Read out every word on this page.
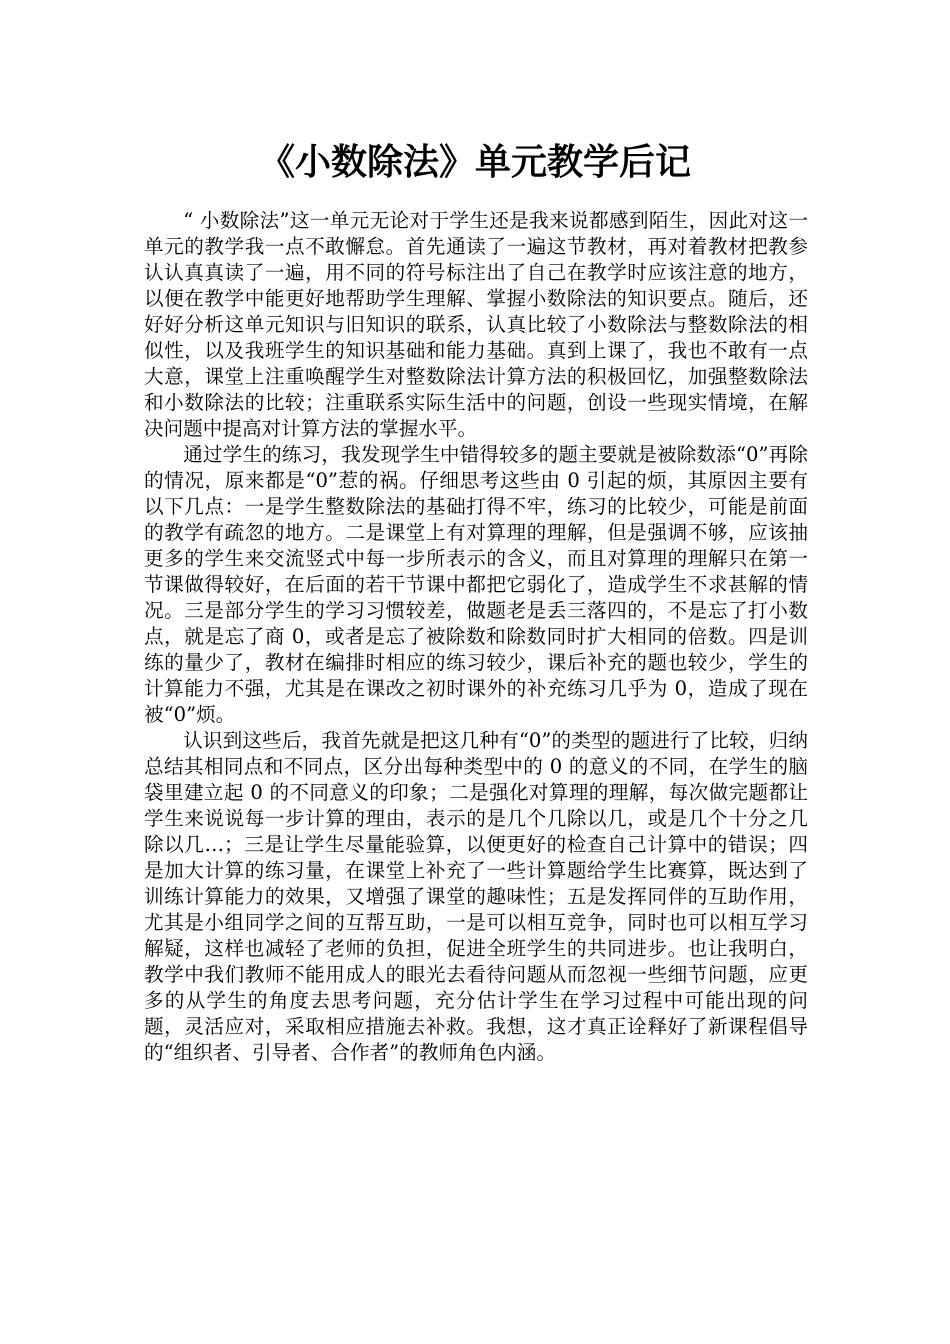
《小数除法》单元教学后记

“ 小数除法”这一单元无论对于学生还是我来说都感到陌生，因此对这一单元的教学我一点不敢懈怠。首先通读了一遍这节教材，再对着教材把教参认认真真读了一遍，用不同的符号标注出了自己在教学时应该注意的地方，以便在教学中能更好地帮助学生理解、掌握小数除法的知识要点。随后，还好好分析这单元知识与旧知识的联系，认真比较了小数除法与整数除法的相似性，以及我班学生的知识基础和能力基础。真到上课了，我也不敢有一点大意，课堂上注重唤醒学生对整数除法计算方法的积极回忆，加强整数除法和小数除法的比较；注重联系实际生活中的问题，创设一些现实情境，在解决问题中提高对计算方法的掌握水平。

通过学生的练习，我发现学生中错得较多的题主要就是被除数添“0”再除的情况，原来都是“0”惹的祸。仔细思考这些由 0 引起的烦，其原因主要有以下几点：一是学生整数除法的基础打得不牢，练习的比较少，可能是前面的教学有疏忽的地方。二是课堂上有对算理的理解，但是强调不够，应该抽更多的学生来交流竖式中每一步所表示的含义，而且对算理的理解只在第一节课做得较好，在后面的若干节课中都把它弱化了，造成学生不求甚解的情况。三是部分学生的学习习惯较差，做题老是丢三落四的，不是忘了打小数点，就是忘了商 0，或者是忘了被除数和除数同时扩大相同的倍数。四是训练的量少了，教材在编排时相应的练习较少，课后补充的题也较少，学生的计算能力不强，尤其是在课改之初时课外的补充练习几乎为 0，造成了现在被“0”烦。

认识到这些后，我首先就是把这几种有“0”的类型的题进行了比较，归纳总结其相同点和不同点，区分出每种类型中的 0 的意义的不同，在学生的脑袋里建立起 0 的不同意义的印象；二是强化对算理的理解，每次做完题都让学生来说说每一步计算的理由，表示的是几个几除以几，或是几个十分之几除以几…；三是让学生尽量能验算，以便更好的检查自己计算中的错误；四是加大计算的练习量，在课堂上补充了一些计算题给学生比赛算，既达到了训练计算能力的效果，又增强了课堂的趣味性；五是发挥同伴的互助作用，尤其是小组同学之间的互帮互助，一是可以相互竞争，同时也可以相互学习解疑，这样也减轻了老师的负担，促进全班学生的共同进步。也让我明白，教学中我们教师不能用成人的眼光去看待问题从而忽视一些细节问题，应更多的从学生的角度去思考问题，充分估计学生在学习过程中可能出现的问题，灵活应对，采取相应措施去补救。我想，这才真正诠释好了新课程倡导的“组织者、引导者、合作者”的教师角色内涵。
